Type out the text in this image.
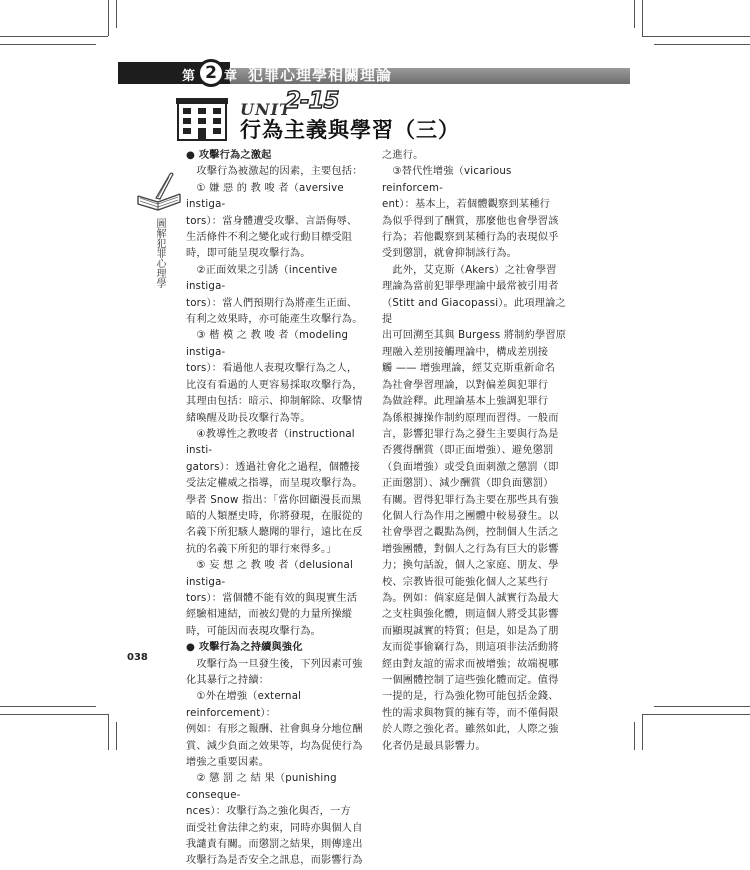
第 2 章 犯罪心理學相關理論
UNIT
2-15
行為主義與學習（三）
圖解犯罪心理學

● 攻擊行為之激起

　攻擊行為被激起的因素，主要包括：

　① 嫌 惡 的 教 唆 者（aversive instiga-

tors）：當身體遭受攻擊、言語侮辱、

生活條件不利之變化或行動目標受阻

時，即可能呈現攻擊行為。

　②正面效果之引誘（incentive instiga-

tors）：當人們預期行為將產生正面、

有利之效果時，亦可能產生攻擊行為。

　③ 楷 模 之 教 唆 者（modeling instiga-

tors）：看過他人表現攻擊行為之人，

比沒有看過的人更容易採取攻擊行為，

其理由包括：暗示、抑制解除、攻擊情

緒喚醒及助長攻擊行為等。

　④教導性之教唆者（instructional insti-

gators）：透過社會化之過程，個體接

受法定權威之指導，而呈現攻擊行為。

學者 Snow 指出：「當你回顧漫長而黑

暗的人類歷史時，你將發現，在服從的

名義下所犯駭人聽聞的罪行，遠比在反

抗的名義下所犯的罪行來得多。」

　⑤ 妄 想 之 教 唆 者（delusional instiga-

tors）：當個體不能有效的與現實生活

經驗相連結，而被幻覺的力量所操縱

時，可能因而表現攻擊行為。

● 攻擊行為之持續與強化

　攻擊行為一旦發生後，下列因素可強

化其暴行之持續：

　①外在增強（external reinforcement）：

例如：有形之報酬、社會與身分地位酬

賞、減少負面之效果等，均為促使行為

增強之重要因素。

　② 懲 罰 之 結 果（punishing conseque-

nces）：攻擊行為之強化與否，一方

面受社會法律之約束，同時亦與個人自

我譴責有關。而懲罰之結果，則傳達出

攻擊行為是否安全之訊息，而影響行為

之進行。

　③替代性增強（vicarious reinforcem-

ent）：基本上，若個體觀察到某種行

為似乎得到了酬賞，那麼他也會學習該

行為；若他觀察到某種行為的表現似乎

受到懲罰，就會抑制該行為。

　此外，艾克斯（Akers）之社會學習

理論為當前犯罪學理論中最常被引用者

（Stitt and Giacopassi）。此項理論之提

出可回溯至其與 Burgess 將制約學習原

理融入差別接觸理論中，構成差別接

觸 —— 增強理論，經艾克斯重新命名

為社會學習理論，以對偏差與犯罪行

為做詮釋。此理論基本上強調犯罪行

為係根據操作制約原理而習得。一般而

言，影響犯罪行為之發生主要與行為是

否獲得酬賞（即正面增強）、避免懲罰

（負面增強）或受負面刺激之懲罰（即

正面懲罰）、減少酬賞（即負面懲罰）

有關。習得犯罪行為主要在那些具有強

化個人行為作用之團體中較易發生。以

社會學習之觀點為例，控制個人生活之

增強團體，對個人之行為有巨大的影響

力；換句話說，個人之家庭、朋友、學

校、宗教皆很可能強化個人之某些行

為。例如：倘家庭是個人誠實行為最大

之支柱與強化體，則這個人將受其影響

而顯現誠實的特質；但是，如是為了朋

友而從事偷竊行為，則這項非法活動將

經由對友誼的需求而被增強；故端視哪

一個團體控制了這些強化體而定。值得

一提的是，行為強化物可能包括金錢、

性的需求與物質的擁有等，而不僅侷限

於人際之強化者。雖然如此，人際之強

化者仍是最具影響力。

038
